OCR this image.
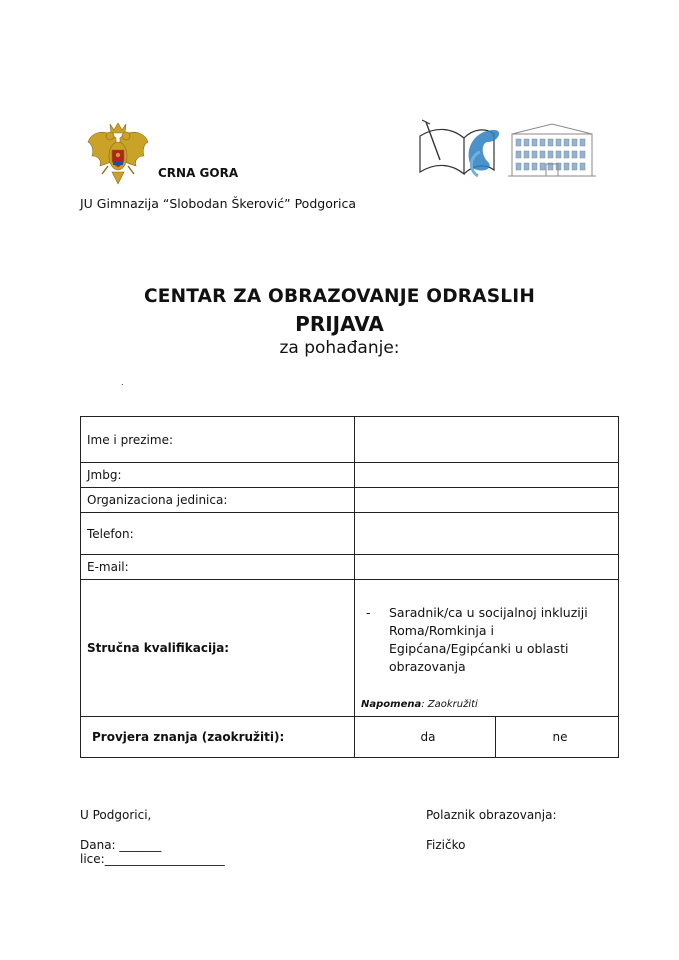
CRNA GORA
JU Gimnazija “Slobodan Škerović” Podgorica
CENTAR ZA OBRAZOVANJE ODRASLIH
PRIJAVA
za pohađanje:
.
Ime i prezime:		
Jmbg:		
Organizaciona jedinica:		
Telefon:		
E-mail:		
Stručna kvalifikacija:	- Saradnik/ca u socijalnoj inkluziji Roma/Romkinja i Egipćana/Egipćanki u oblasti obrazovanja
Napomena: Zaokružiti	

Provjera znanja (zaokružiti):	da	ne
U Podgorici,	Polaznik obrazovanja:
Dana: _______	Fizičko
lice:____________________
